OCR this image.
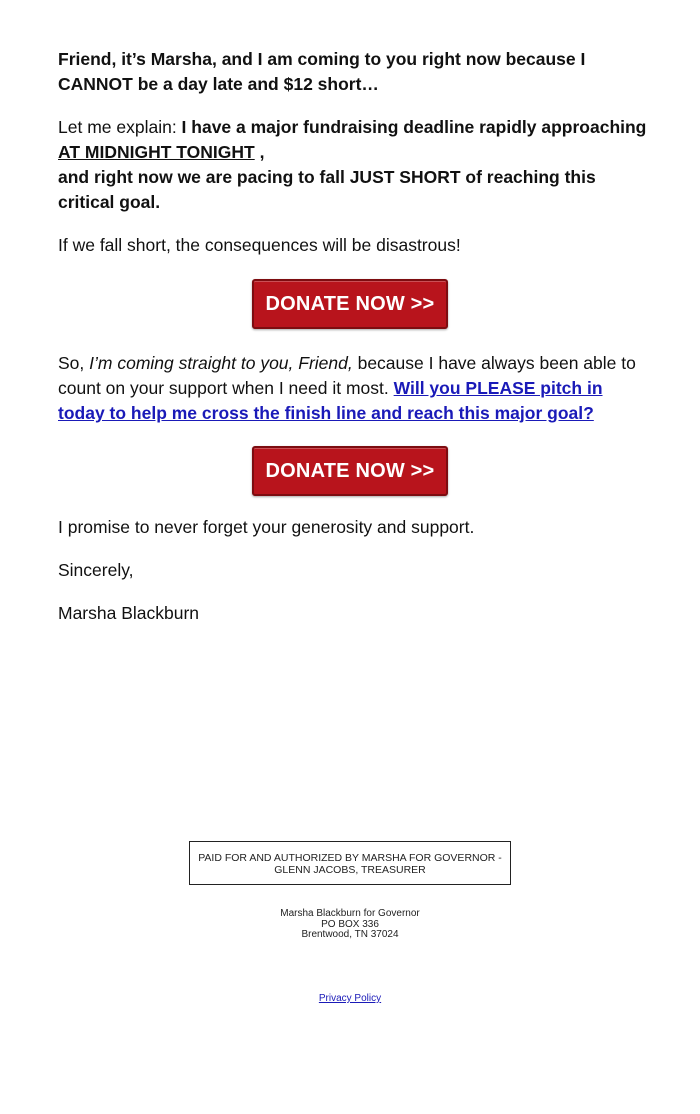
Friend, it’s Marsha, and I am coming to you right now because I CANNOT be a day late and $12 short…

Let me explain: I have a major fundraising deadline rapidly approaching AT MIDNIGHT TONIGHT ,
and right now we are pacing to fall JUST SHORT of reaching this critical goal.

If we fall short, the consequences will be disastrous!

DONATE NOW >>

So, I’m coming straight to you, Friend, because I have always been able to count on your support when I need it most. Will you PLEASE pitch in today to help me cross the finish line and reach this major goal?

DONATE NOW >>

I promise to never forget your generosity and support.

Sincerely,

Marsha Blackburn

PAID FOR AND AUTHORIZED BY MARSHA FOR GOVERNOR - GLENN JACOBS, TREASURER
Marsha Blackburn for Governor
PO BOX 336
Brentwood, TN 37024
Privacy Policy
